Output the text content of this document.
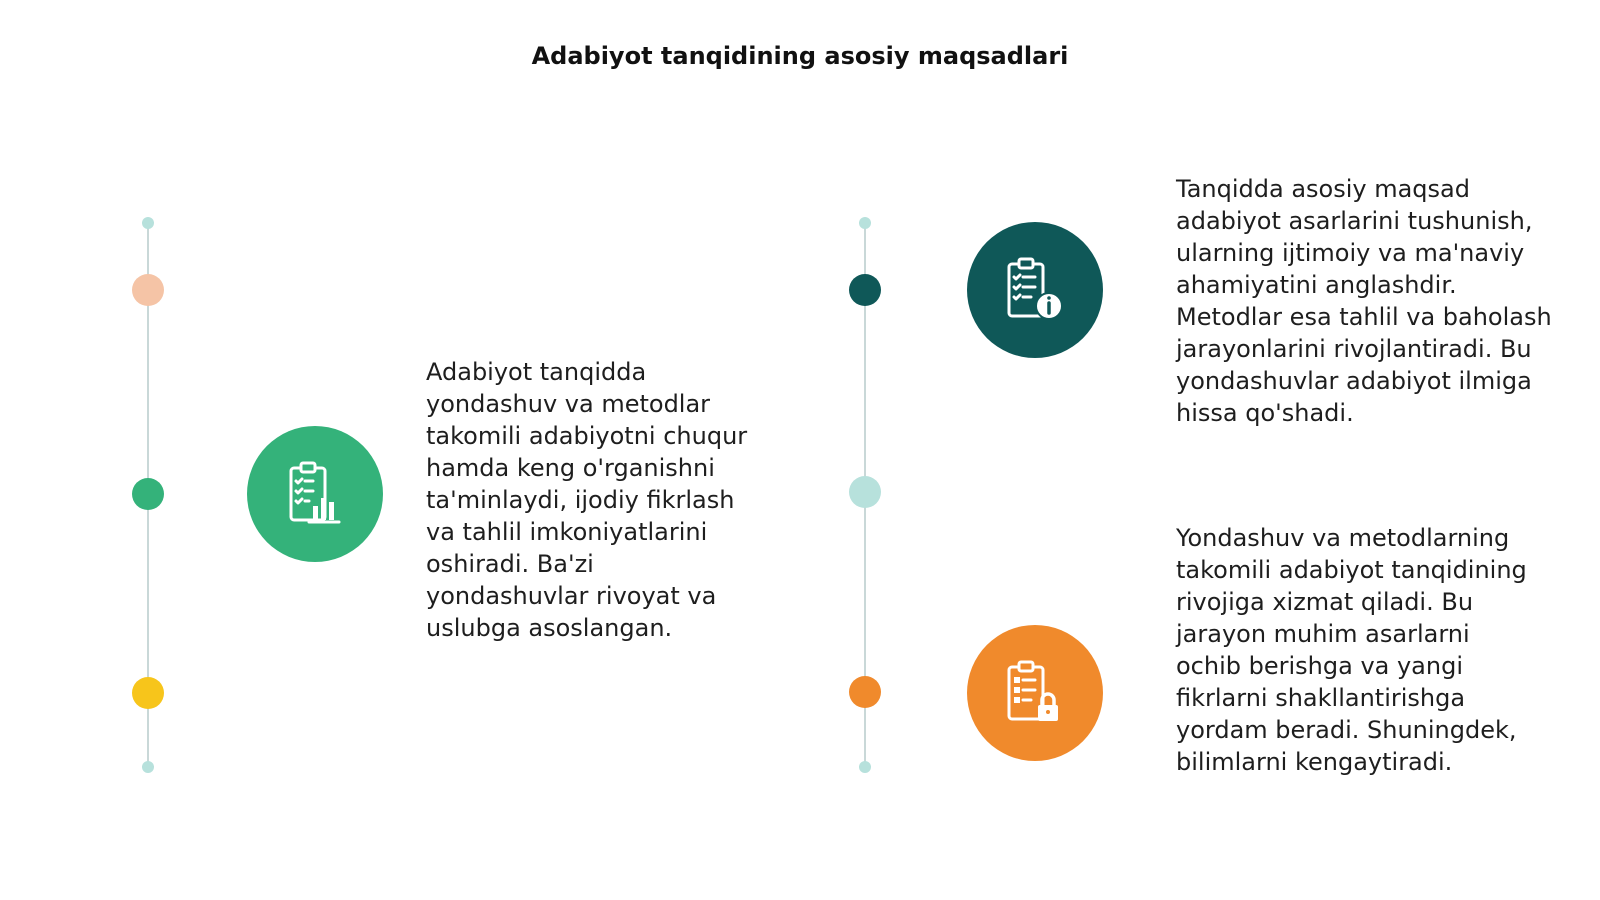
Adabiyot tanqidining asosiy maqsadlari
Adabiyot tanqidda yondashuv va metodlar takomili adabiyotni chuqur hamda keng o'rganishni ta'minlaydi, ijodiy fikrlash va tahlil imkoniyatlarini oshiradi. Ba'zi yondashuvlar rivoyat va uslubga asoslangan.
Tanqidda asosiy maqsad adabiyot asarlarini tushunish, ularning ijtimoiy va ma'naviy ahamiyatini anglashdir. Metodlar esa tahlil va baholash jarayonlarini rivojlantiradi. Bu yondashuvlar adabiyot ilmiga hissa qo'shadi.
Yondashuv va metodlarning takomili adabiyot tanqidining rivojiga xizmat qiladi. Bu jarayon muhim asarlarni ochib berishga va yangi fikrlarni shakllantirishga yordam beradi. Shuningdek, bilimlarni kengaytiradi.
